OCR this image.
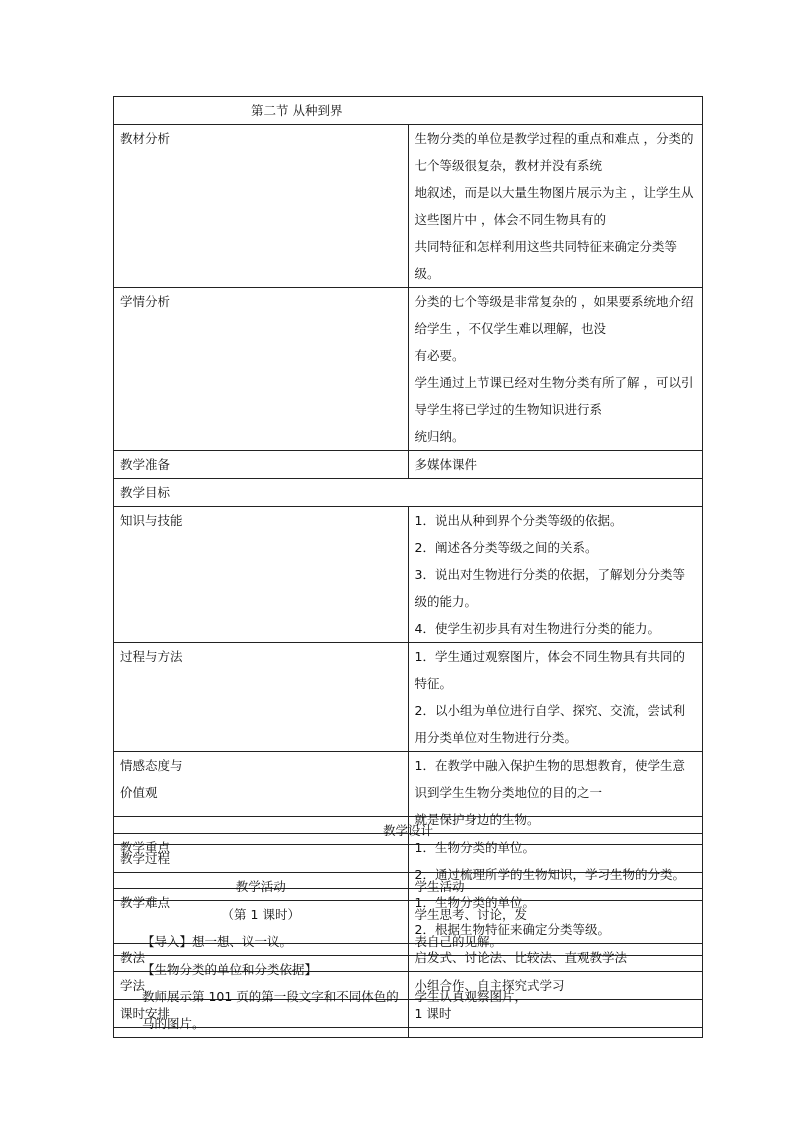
第二节 从种到界	

教材分析	生物分类的单位是教学过程的重点和难点 ，分类的七个等级很复杂，教材并没有系统
地叙述，而是以大量生物图片展示为主 ，让学生从这些图片中 ，体会不同生物具有的
共同特征和怎样利用这些共同特征来确定分类等级。

学情分析	分类的七个等级是非常复杂的 ，如果要系统地介绍给学生 ，不仅学生难以理解，也没
有必要。
学生通过上节课已经对生物分类有所了解 ，可以引导学生将已学过的生物知识进行系
统归纳。

教学准备	多媒体课件

教学目标	

知识与技能	1．说出从种到界个分类等级的依据。
2．阐述各分类等级之间的关系。
3．说出对生物进行分类的依据，了解划分分类等级的能力。
4．使学生初步具有对生物进行分类的能力。

过程与方法	1．学生通过观察图片，体会不同生物具有共同的特征。
2．以小组为单位进行自学、探究、交流，尝试利用分类单位对生物进行分类。

情感态度与
价值观	1．在教学中融入保护生物的思想教育，使学生意识到学生生物分类地位的目的之一
就是保护身边的生物。

教学重点	1．生物分类的单位。
2．通过梳理所学的生物知识，学习生物的分类。

教学难点	1．生物分类的单位。
2．根据生物特征来确定分类等级。

教法	启发式、讨论法、比较法、直观教学法

学法	小组合作、自主探究式学习

课时安排	1 课时
教学设计	
教学过程	
教学活动	学生活动

（第 1 课时）
【导入】想一想、议一议。	学生思考、讨论，发
表自己的见解。

【生物分类的单位和分类依据】
教师展示第 101 页的第一段文字和不同体色的马的图片。	学生认真观察图片，
